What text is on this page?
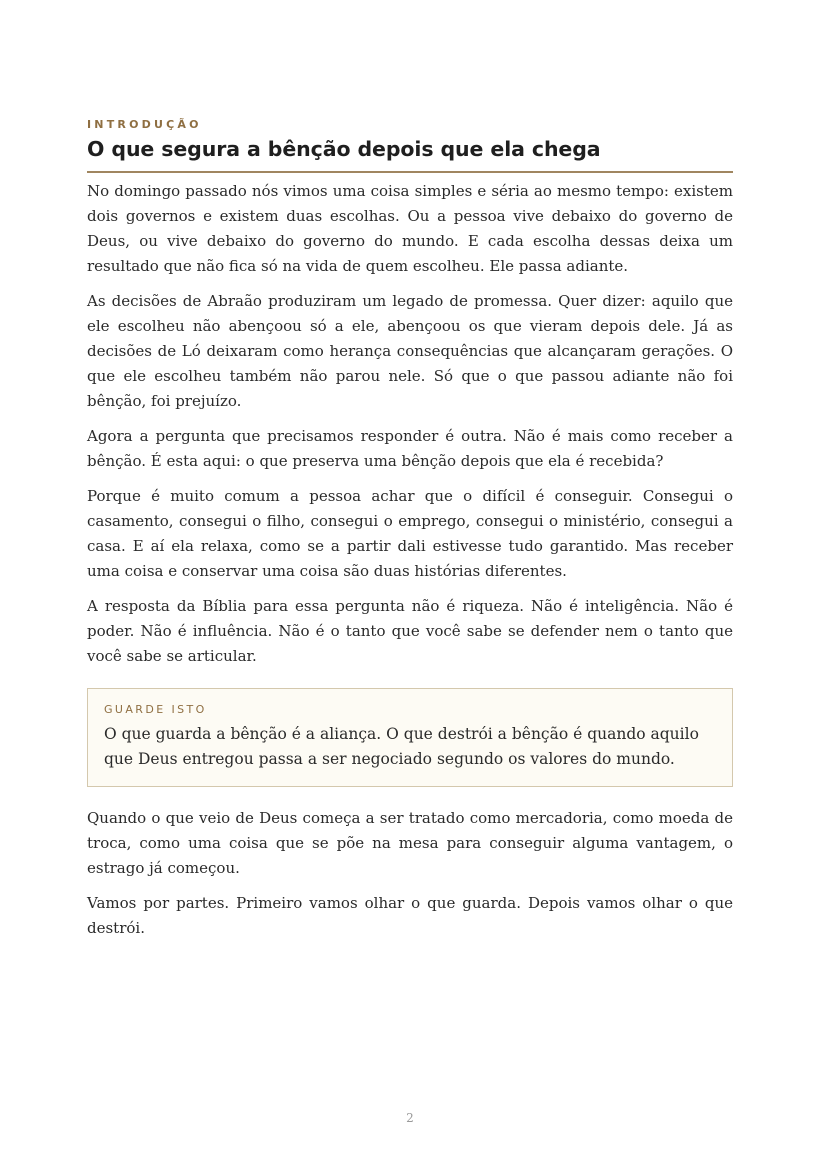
INTRODUÇÃO

O que segura a bênção depois que ela chega

No domingo passado nós vimos uma coisa simples e séria ao mesmo tempo: existem dois governos e existem duas escolhas. Ou a pessoa vive debaixo do governo de Deus, ou vive debaixo do governo do mundo. E cada escolha dessas deixa um resultado que não fica só na vida de quem escolheu. Ele passa adiante.

As decisões de Abraão produziram um legado de promessa. Quer dizer: aquilo que ele escolheu não abençoou só a ele, abençoou os que vieram depois dele. Já as decisões de Ló deixaram como herança consequências que alcançaram gerações. O que ele escolheu também não parou nele. Só que o que passou adiante não foi bênção, foi prejuízo.

Agora a pergunta que precisamos responder é outra. Não é mais como receber a bênção. É esta aqui: o que preserva uma bênção depois que ela é recebida?

Porque é muito comum a pessoa achar que o difícil é conseguir. Consegui o casamento, consegui o filho, consegui o emprego, consegui o ministério, consegui a casa. E aí ela relaxa, como se a partir dali estivesse tudo garantido. Mas receber uma coisa e conservar uma coisa são duas histórias diferentes.

A resposta da Bíblia para essa pergunta não é riqueza. Não é inteligência. Não é poder. Não é influência. Não é o tanto que você sabe se defender nem o tanto que você sabe se articular.

GUARDE ISTO

O que guarda a bênção é a aliança. O que destrói a bênção é quando aquilo que Deus entregou passa a ser negociado segundo os valores do mundo.

Quando o que veio de Deus começa a ser tratado como mercadoria, como moeda de troca, como uma coisa que se põe na mesa para conseguir alguma vantagem, o estrago já começou.

Vamos por partes. Primeiro vamos olhar o que guarda. Depois vamos olhar o que destrói.

2
